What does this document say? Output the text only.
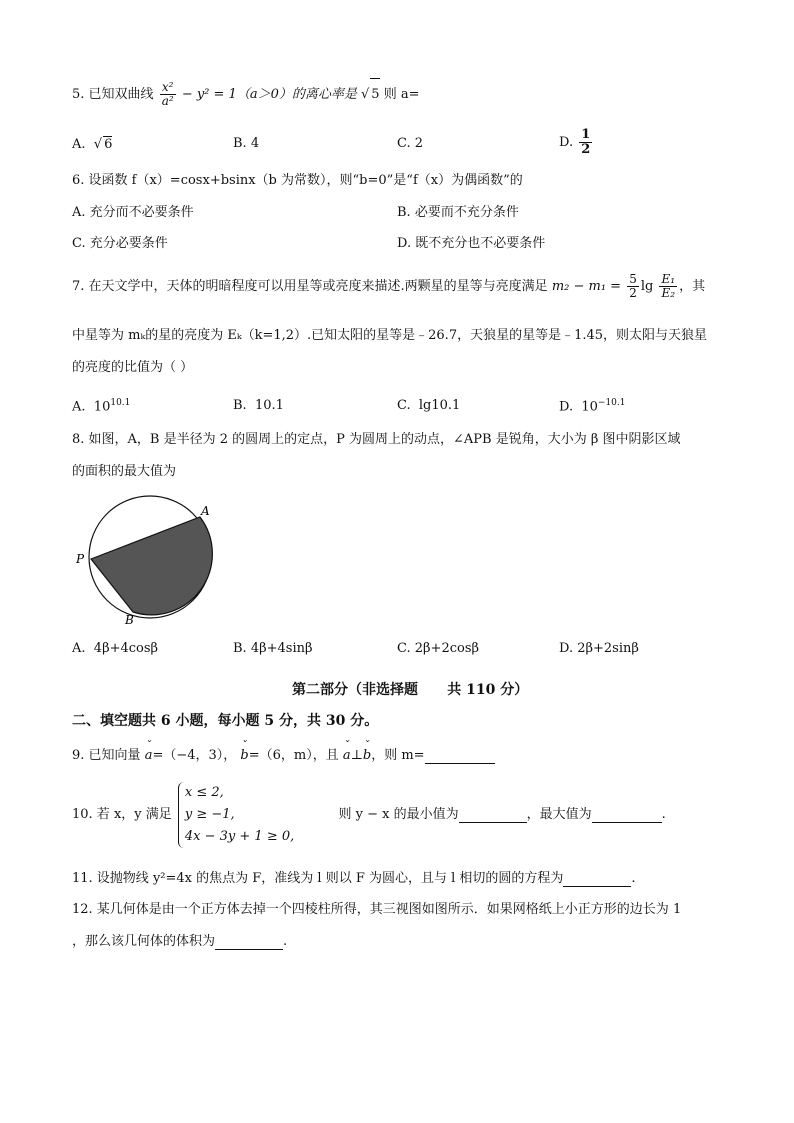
5. 已知双曲线 $\frac{\text{x²}}{\text{a²}} - y^2 = 1(a>0)$的离心率是 √ 5 则 a=
A.  √ 6	B. 4	C. 2	D. $\frac{1}{2}$
6. 设函数 f（x）=cosx+bsinx（b 为常数），则“b=0”是“f（x）为偶函数”的
A. 充分而不必要条件	B. 必要而不充分条件
C. 充分必要条件	D. 既不充分也不必要条件
7. 在天文学中，天体的明暗程度可以用星等或亮度来描述.两颗星的星等与亮度满足 $m_2 - m_1 = \frac{5}{2}$ $\lg \frac{\text{E₁}}{\text{E₂}}$ ，其
中星等为 mₖ的星的亮度为 Eₖ（k=1,2）.已知太阳的星等是﹣26.7，天狼星的星等是﹣1.45，则太阳与天狼星
的亮度的比值为（ ）
A. $10^{10.1}$	B. 10.1	C. lg10.1	D. $10^{-10.1}$
8. 如图，A，B 是半径为 2 的圆周上的定点，P 为圆周上的动点，∠APB 是锐角，大小为 β 图中阴影区域
的面积的最大值为
A
P
B
A. 4β+4cosβ	B. 4β+4sinβ	C. 2β+2cosβ	D. 2β+2sinβ
第二部分（非选择题      共 110 分）
二、填空题共 6 小题，每小题 5 分，共 30 分。
9. 已知向量 ˇ a=（−4，3）， ˇ b=（6，m），且 ˇ a⊥ˇ b，则 m=
10. 若 x，y 满足
x ≤ 2,
y ≥ −1,
4x − 3y + 1 ≥ 0,
则 y − x 的最小值为	，最大值为	.
11. 设抛物线 y²=4x 的焦点为 F，准线为 l 则以 F 为圆心，且与 l 相切的圆的方程为	.
12. 某几何体是由一个正方体去掉一个四棱柱所得，其三视图如图所示．如果网格纸上小正方形的边长为 1
，那么该几何体的体积为	.
